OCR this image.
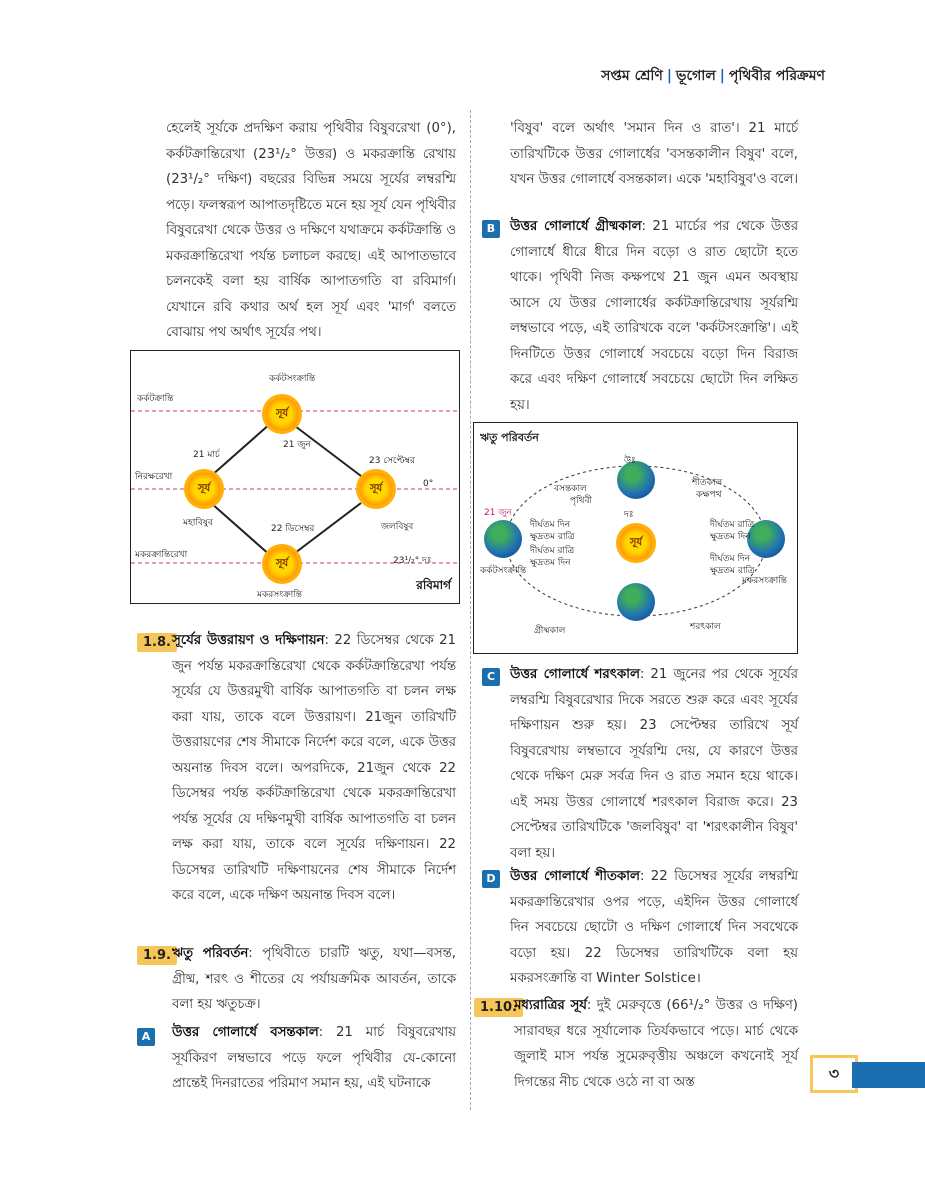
সপ্তম শ্রেণি | ভূগোল | পৃথিবীর পরিক্রমণ

হেলেই সূর্যকে প্রদক্ষিণ করায় পৃথিবীর বিষুবরেখা (0°), কর্কটক্রান্তিরেখা (23¹/₂° উত্তর) ও মকরক্রান্তি রেখায় (23¹/₂° দক্ষিণ) বছরের বিভিন্ন সময়ে সূর্যের লম্বরশ্মি পড়ে। ফলস্বরূপ আপাতদৃষ্টিতে মনে হয় সূর্য যেন পৃথিবীর বিষুবরেখা থেকে উত্তর ও দক্ষিণে যথাক্রমে কর্কটক্রান্তি ও মকরক্রান্তিরেখা পর্যন্ত চলাচল করছে। এই আপাতভাবে চলনকেই বলা হয় বার্ষিক আপাতগতি বা রবিমার্গ। যেখানে রবি কথার অর্থ হল সূর্য এবং 'মার্গ' বলতে বোঝায় পথ অর্থাৎ সূর্যের পথ।

সূর্য
সূর্য	সূর্য
সূর্য
কর্কটসংক্রান্তি
কর্কটক্রান্তি
21 জুন
21 মার্চ
23 সেপ্টেম্বর
নিরক্ষরেখা
0°
মহাবিষুব
22 ডিসেম্বর	জলবিষুব
মকরক্রান্তিরেখা
23¹/₂° দঃ
মকরসংক্রান্তি
রবিমার্গ
1.8. সূর্যের উত্তরায়ণ ও দক্ষিণায়ন: 22 ডিসেম্বর থেকে 21 জুন পর্যন্ত মকরক্রান্তিরেখা থেকে কর্কটক্রান্তিরেখা পর্যন্ত সূর্যের যে উত্তরমুখী বার্ষিক আপাতগতি বা চলন লক্ষ করা যায়, তাকে বলে উত্তরায়ণ। 21জুন তারিখটি উত্তরায়ণের শেষ সীমাকে নির্দেশ করে বলে, একে উত্তর অয়নান্ত দিবস বলে। অপরদিকে, 21জুন থেকে 22 ডিসেম্বর পর্যন্ত কর্কটক্রান্তিরেখা থেকে মকরক্রান্তিরেখা পর্যন্ত সূর্যের যে দক্ষিণমুখী বার্ষিক আপাতগতি বা চলন লক্ষ করা যায়, তাকে বলে সূর্যের দক্ষিণায়ন। 22 ডিসেম্বর তারিখটি দক্ষিণায়নের শেষ সীমাকে নির্দেশ করে বলে, একে দক্ষিণ অয়নান্ত দিবস বলে।

1.9. ঋতু পরিবর্তন: পৃথিবীতে চারটি ঋতু, যথা—বসন্ত, গ্রীষ্ম, শরৎ ও শীতের যে পর্যায়ক্রমিক আবর্তন, তাকে বলা হয় ঋতুচক্র।

A	উত্তর গোলার্ধে বসন্তকাল: 21 মার্চ বিষুবরেখায় সূর্যকিরণ লম্বভাবে পড়ে ফলে পৃথিবীর যে-কোনো প্রান্তেই দিনরাতের পরিমাণ সমান হয়, এই ঘটনাকে

'বিষুব' বলে অর্থাৎ 'সমান দিন ও রাত'। 21 মার্চে তারিখটিকে উত্তর গোলার্ধের 'বসন্তকালীন বিষুব' বলে, যখন উত্তর গোলার্ধে বসন্তকাল। একে 'মহাবিষুব'ও বলে।

B	উত্তর গোলার্ধে গ্রীষ্মকাল: 21 মার্চের পর থেকে উত্তর গোলার্ধে ধীরে ধীরে দিন বড়ো ও রাত ছোটো হতে থাকে। পৃথিবী নিজ কক্ষপথে 21 জুন এমন অবস্থায় আসে যে উত্তর গোলার্ধের কর্কটক্রান্তিরেখায় সূর্যরশ্মি লম্বভাবে পড়ে, এই তারিখকে বলে 'কর্কটসংক্রান্তি'। এই দিনটিতে উত্তর গোলার্ধে সবচেয়ে বড়ো দিন বিরাজ করে এবং দক্ষিণ গোলার্ধে সবচেয়ে ছোটো দিন লক্ষিত হয়।

ঋতু পরিবর্তন
সূর্য
21 জুন
কর্কটসংক্রান্তি
দীর্ঘতম দিন
ক্ষুদ্রতম রাত্রি
দীর্ঘতম রাত্রি
ক্ষুদ্রতম দিন
দীর্ঘতম রাত্রি
ক্ষুদ্রতম দিন
দীর্ঘতম দিন
ক্ষুদ্রতম রাত্রি
মকরসংক্রান্তি
বসন্তকাল
শীতকাল
কক্ষপথ
পৃথিবী
গ্রীষ্মকাল	শরৎকাল
উঃ
দঃ
C	উত্তর গোলার্ধে শরৎকাল: 21 জুনের পর থেকে সূর্যের লম্বরশ্মি বিষুবরেখার দিকে সরতে শুরু করে এবং সূর্যের দক্ষিণায়ন শুরু হয়। 23 সেপ্টেম্বর তারিখে সূর্য বিষুবরেখায় লম্বভাবে সূর্যরশ্মি দেয়, যে কারণে উত্তর থেকে দক্ষিণ মেরু সর্বত্র দিন ও রাত সমান হয়ে থাকে। এই সময় উত্তর গোলার্ধে শরৎকাল বিরাজ করে। 23 সেপ্টেম্বর তারিখটিকে 'জলবিষুব' বা 'শরৎকালীন বিষুব' বলা হয়।

D	উত্তর গোলার্ধে শীতকাল: 22 ডিসেম্বর সূর্যের লম্বরশ্মি মকরক্রান্তিরেখার ওপর পড়ে, এইদিন উত্তর গোলার্ধে দিন সবচেয়ে ছোটো ও দক্ষিণ গোলার্ধে দিন সবথেকে বড়ো হয়। 22 ডিসেম্বর তারিখটিকে বলা হয় মকরসংক্রান্তি বা Winter Solstice।

1.10.

মধ্যরাত্রির সূর্য: দুই মেরুবৃত্তে (66¹/₂° উত্তর ও দক্ষিণ) সারাবছর ধরে সূর্যালোক তির্যকভাবে পড়ে। মার্চ থেকে জুলাই মাস পর্যন্ত সুমেরুবৃত্তীয় অঞ্চলে কখনোই সূর্য দিগন্তের নীচ থেকে ওঠে না বা অস্ত	৩
